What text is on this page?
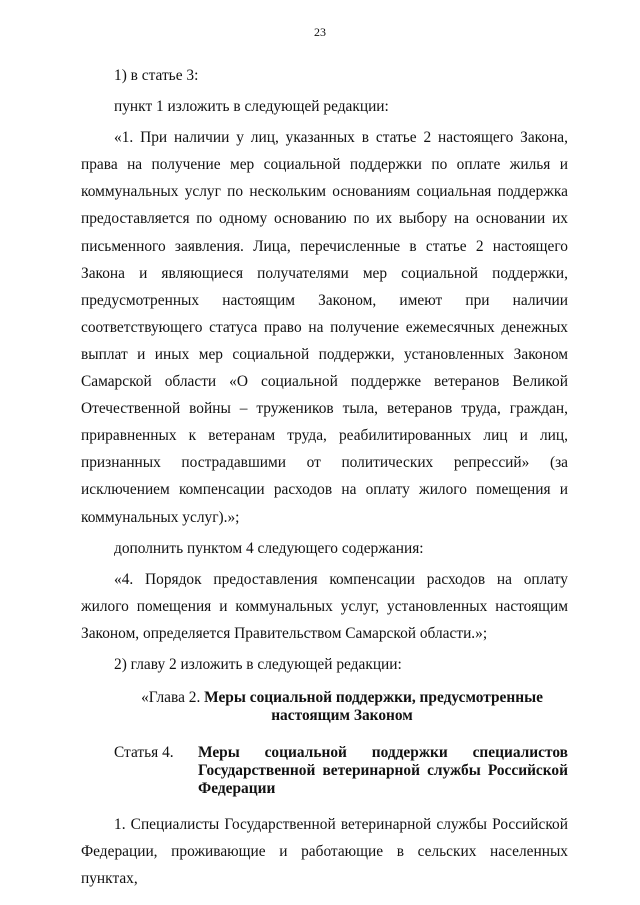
23

1) в статье 3:

пункт 1 изложить в следующей редакции:

«1. При наличии у лиц, указанных в статье 2 настоящего Закона, права на получение мер социальной поддержки по оплате жилья и коммунальных услуг по нескольким основаниям социальная поддержка предоставляется по одному основанию по их выбору на основании их письменного заявления. Лица, перечисленные в статье 2 настоящего Закона и являющиеся получателями мер социальной поддержки, предусмотренных настоящим Законом, имеют при наличии соответствующего статуса право на получение ежемесячных денежных выплат и иных мер социальной поддержки, установленных Законом Самарской области «О социальной поддержке ветеранов Великой Отечественной войны – тружеников тыла, ветеранов труда, граждан, приравненных к ветеранам труда, реабилитированных лиц и лиц, признанных пострадавшими от политических репрессий» (за исключением компенсации расходов на оплату жилого помещения и коммунальных услуг).»;

дополнить пунктом 4 следующего содержания:

«4. Порядок предоставления компенсации расходов на оплату жилого помещения и коммунальных услуг, установленных настоящим Законом, определяется Правительством Самарской области.»;

2) главу 2 изложить в следующей редакции:

«Глава 2. Меры социальной поддержки, предусмотренные
настоящим Законом
Статья 4.	Меры социальной поддержки специалистов Государственной ветеринарной службы Российской Федерации

1. Специалисты Государственной ветеринарной службы Российской Федерации, проживающие и работающие в сельских населенных пунктах,
